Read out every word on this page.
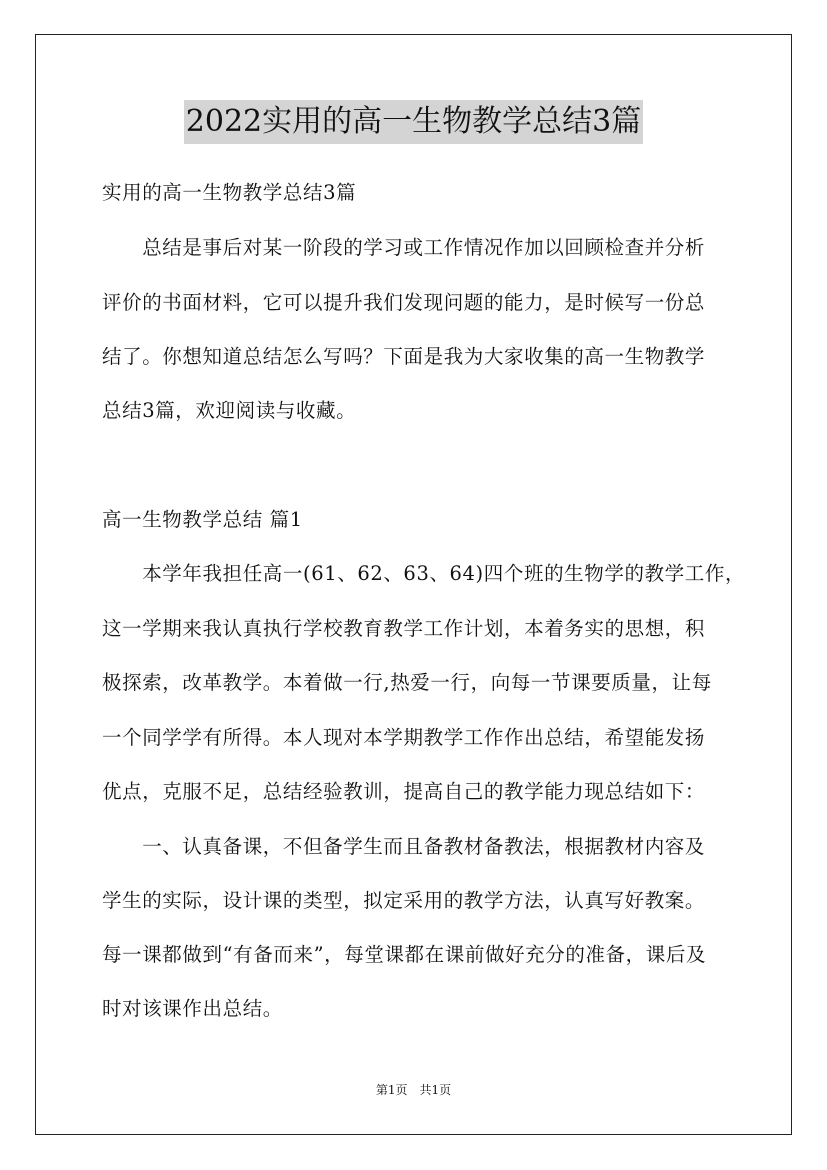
2022实用的高一生物教学总结3篇
实用的高一生物教学总结3篇
　　总结是事后对某一阶段的学习或工作情况作加以回顾检查并分析
评价的书面材料，它可以提升我们发现问题的能力，是时候写一份总
结了。你想知道总结怎么写吗？下面是我为大家收集的高一生物教学
总结3篇，欢迎阅读与收藏。
高一生物教学总结 篇1
　　本学年我担任高一(61、62、63、64)四个班的生物学的教学工作，
这一学期来我认真执行学校教育教学工作计划，本着务实的思想，积
极探索，改革教学。本着做一行,热爱一行，向每一节课要质量，让每
一个同学学有所得。本人现对本学期教学工作作出总结，希望能发扬
优点，克服不足，总结经验教训，提高自己的教学能力现总结如下：
　　一、认真备课，不但备学生而且备教材备教法，根据教材内容及
学生的实际，设计课的类型，拟定采用的教学方法，认真写好教案。
每一课都做到“有备而来”，每堂课都在课前做好充分的准备，课后及
时对该课作出总结。
第1页　共1页
